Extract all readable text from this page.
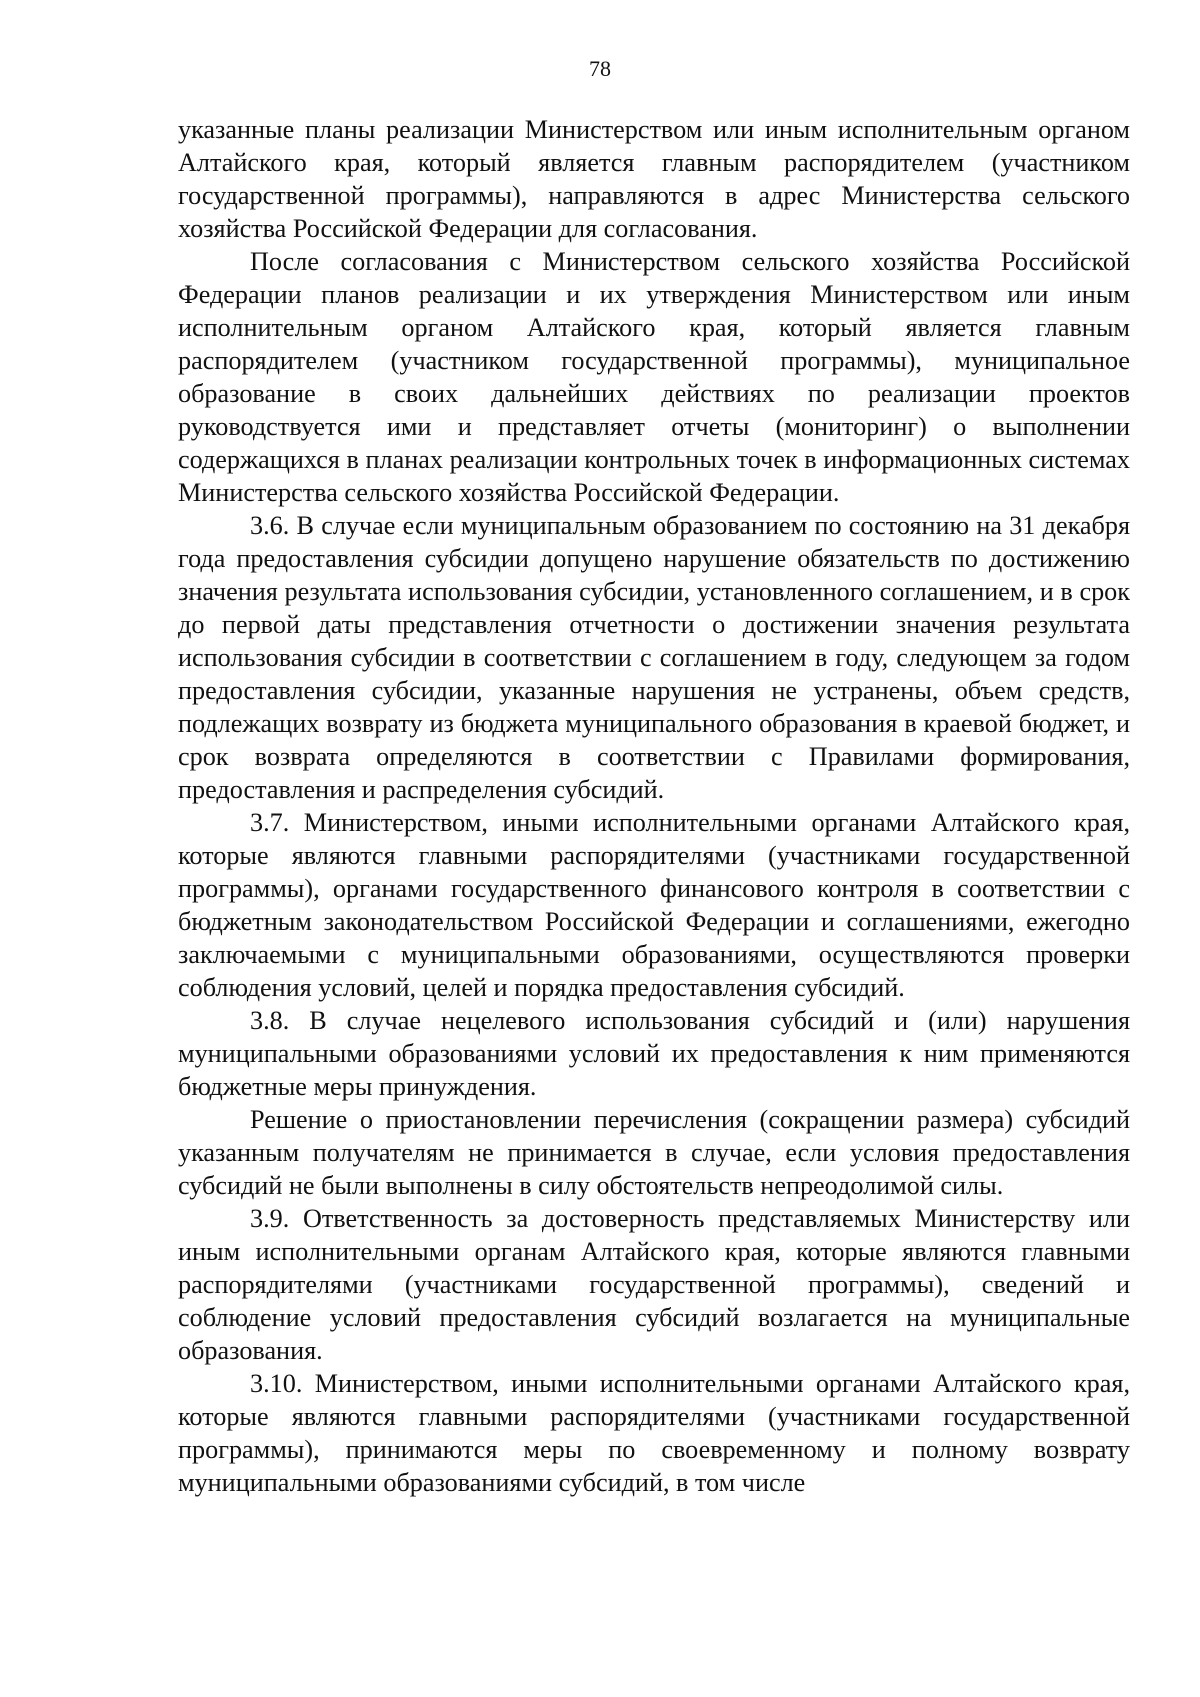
78

указанные планы реализации Министерством или иным исполнительным органом Алтайского края, который является главным распорядителем (участником государственной программы), направляются в адрес Министерства сельского хозяйства Российской Федерации для согласования.

После согласования с Министерством сельского хозяйства Российской Федерации планов реализации и их утверждения Министерством или иным исполнительным органом Алтайского края, который является главным распорядителем (участником государственной программы), муниципальное образование в своих дальнейших действиях по реализации проектов руководствуется ими и представляет отчеты (мониторинг) о выполнении содержащихся в планах реализации контрольных точек в информационных системах Министерства сельского хозяйства Российской Федерации.

3.6. В случае если муниципальным образованием по состоянию на 31 декабря года предоставления субсидии допущено нарушение обязательств по достижению значения результата использования субсидии, установленного соглашением, и в срок до первой даты представления отчетности о достижении значения результата использования субсидии в соответствии с соглашением в году, следующем за годом предоставления субсидии, указанные нарушения не устранены, объем средств, подлежащих возврату из бюджета муниципального образования в краевой бюджет, и срок возврата определяются в соответствии с Правилами формирования, предоставления и распределения субсидий.

3.7. Министерством, иными исполнительными органами Алтайского края, которые являются главными распорядителями (участниками государственной программы), органами государственного финансового контроля в соответствии с бюджетным законодательством Российской Федерации и соглашениями, ежегодно заключаемыми с муниципальными образованиями, осуществляются проверки соблюдения условий, целей и порядка предоставления субсидий.

3.8. В случае нецелевого использования субсидий и (или) нарушения муниципальными образованиями условий их предоставления к ним применяются бюджетные меры принуждения.

Решение о приостановлении перечисления (сокращении размера) субсидий указанным получателям не принимается в случае, если условия предоставления субсидий не были выполнены в силу обстоятельств непреодолимой силы.

3.9. Ответственность за достоверность представляемых Министерству или иным исполнительными органам Алтайского края, которые являются главными распорядителями (участниками государственной программы), сведений и соблюдение условий предоставления субсидий возлагается на муниципальные образования.

3.10. Министерством, иными исполнительными органами Алтайского края, которые являются главными распорядителями (участниками государственной программы), принимаются меры по своевременному и полному возврату муниципальными образованиями субсидий, в том числе
